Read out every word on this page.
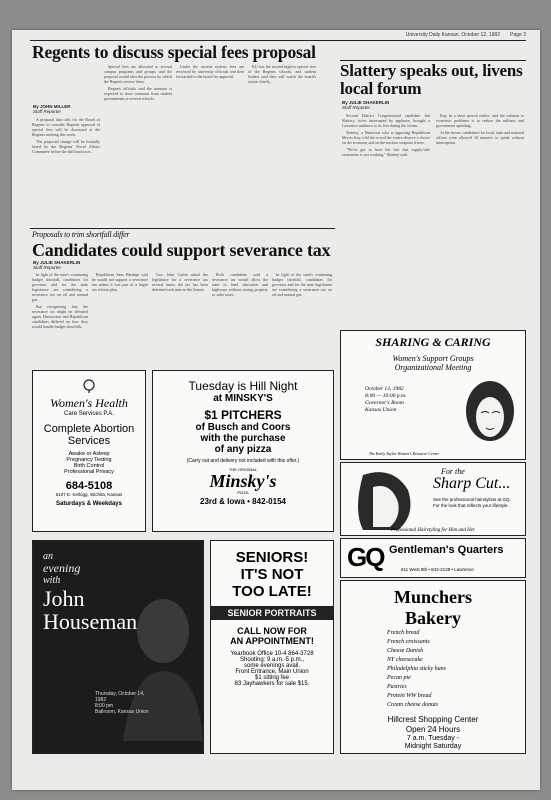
University Daily Kansan, October 12, 1982 Page 3
Regents to discuss special fees proposal
By JOHN MILLER
Staff Reporter

A proposal that calls for the Board of Regents to consider Regents approval of special fees will be discussed at the Regents meeting this week.

The proposed change will be formally heard by the Regents' Fiscal Affairs Committee before the full board acts.

Special fees are allocated to several campus programs and groups, and the proposal would alter the process by which the Regents review them.

Regents officials said the measure is expected to draw comment from student governments at several schools.

Under the current system, fees are reviewed by university officials and then forwarded to the board for approval.

KU has the second highest special fees of the Regents schools, and student leaders said they will watch the board's action closely.

Slattery speaks out, livens local forum
By JULIE SHAKERLIN
Staff Reporter

Second District Congressional candidate Jim Slattery, twice interrupted by applause, brought a Lawrence audience to its feet during the forum.

Slattery, a Democrat who is opposing Republican Morris Kay, told the crowd the voters deserve a choice on the economy and on the nuclear weapons freeze.

"We've got to have the fact that supply-side economics is not working," Slattery said.

Kay, in a short speech earlier, said the solution to economic problems is to reduce the military and government spending.

At the forum, candidates for local, state and national offices were allowed 10 minutes to speak without interruption.

Proposals to trim shortfall differ
Candidates could support severance tax
By JULIE SHAKERLIN
Staff Reporter

In light of the state's continuing budget shortfall, candidates for governor and for the state legislature are considering a severance tax on oil and natural gas.

But recognizing that the severance tax might be defeated again, Democratic and Republican candidates differed on how they would handle budget shortfalls.

Republican Sam Hardage said he would not support a severance tax unless it was part of a larger tax reform plan.

Gov. John Carlin asked the legislature for a severance tax several times; the tax has been defeated each time in the Senate.

Both candidates said a severance tax would allow the state to fund education and highways without raising property or sales taxes.

In light of the state's continuing budget shortfall, candidates for governor and for the state legislature are considering a severance tax on oil and natural gas.

Women's Health
Care Services P.A.
Complete Abortion Services
Awake or Asleep
Pregnancy Testing
Birth Control
Professional Privacy
684-5108
5107 E. Kellogg, Wichita, Kansas
Saturdays & Weekdays
Tuesday is Hill Night
at MINSKY'S
$1 PITCHERS
of Busch and Coors
with the purchase
of any pizza
(Carry out and delivery not included with this offer.)
THE ORIGINAL
Minsky's
PIZZA
23rd & Iowa • 842-0154
SHARING & CARING
Women's Support Groups
Organizational Meeting
October 13, 1982
8:00 — 10:00 p.m.
Governor's Room
Kansas Union
The Emily Taylor Women's Resource Center
For the
Sharp Cut...
See the professional hairstylists at GQ. For the look that reflects your lifestyle.
Professional Hairstyling for Him and Her
GQ Gentleman's Quarters
611 West 9th • 843-2138 • Lawrence
an
evening
with
John
Houseman
Thursday, October 14, 1982
8:00 pm
Ballroom, Kansas Union
SENIORS!
IT'S NOT
TOO LATE!
SENIOR PORTRAITS
CALL NOW FOR
AN APPOINTMENT!
Yearbook Office 10-4 864-3728
Shooting: 9 a.m.-5 p.m.,
some evenings avail.
Front Entrance, Main Union
$1 sitting fee
83 Jayhawkers for sale $15.
Munchers
Bakery
French bread
French croissants
Cheese Danish
NY cheesecake
Philadelphia sticky buns
Pecan pie
Pastries
Protein WW bread
Cream cheese donuts
Hillcrest Shopping Center
Open 24 Hours
7 a.m. Tuesday -
Midnight Saturday
